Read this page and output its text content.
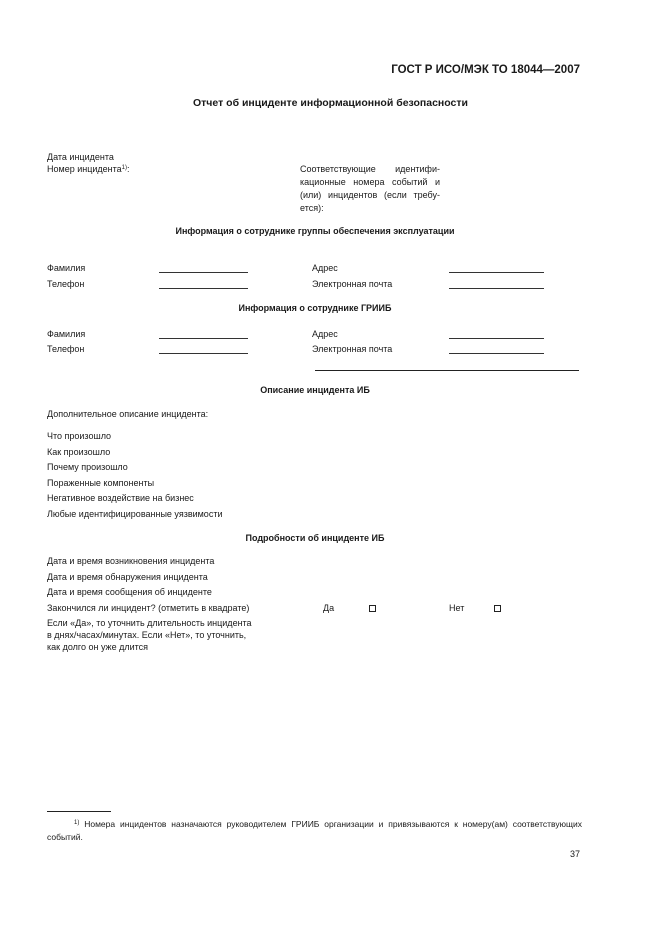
ГОСТ Р ИСО/МЭК ТО 18044—2007
Отчет об инциденте информационной безопасности
Дата инцидента
Номер инцидента$^{1)}$:	Соответствующие идентифи-кационные номера событий и (или) инцидентов (если требу-ется):
Информация о сотруднике группы обеспечения эксплуатации
Фамилия	Адрес
Телефон	Электронная почта
Информация о сотруднике ГРИИБ
Фамилия	Адрес
Телефон	Электронная почта
Описание инцидента ИБ
Дополнительное описание инцидента:
Что произошло
Как произошло
Почему произошло
Пораженные компоненты
Негативное воздействие на бизнес
Любые идентифицированные уязвимости
Подробности об инциденте ИБ
Дата и время возникновения инцидента
Дата и время обнаружения инцидента
Дата и время сообщения об инциденте
Закончился ли инцидент? (отметить в квадрате)	Да	Нет
Если «Да», то уточнить длительность инцидента
в днях/часах/минутах. Если «Нет», то уточнить,
как долго он уже длится
$^{1)}$ Номера инцидентов назначаются руководителем ГРИИБ организации и привязываются к номеру(ам) соответствующих событий.
37
